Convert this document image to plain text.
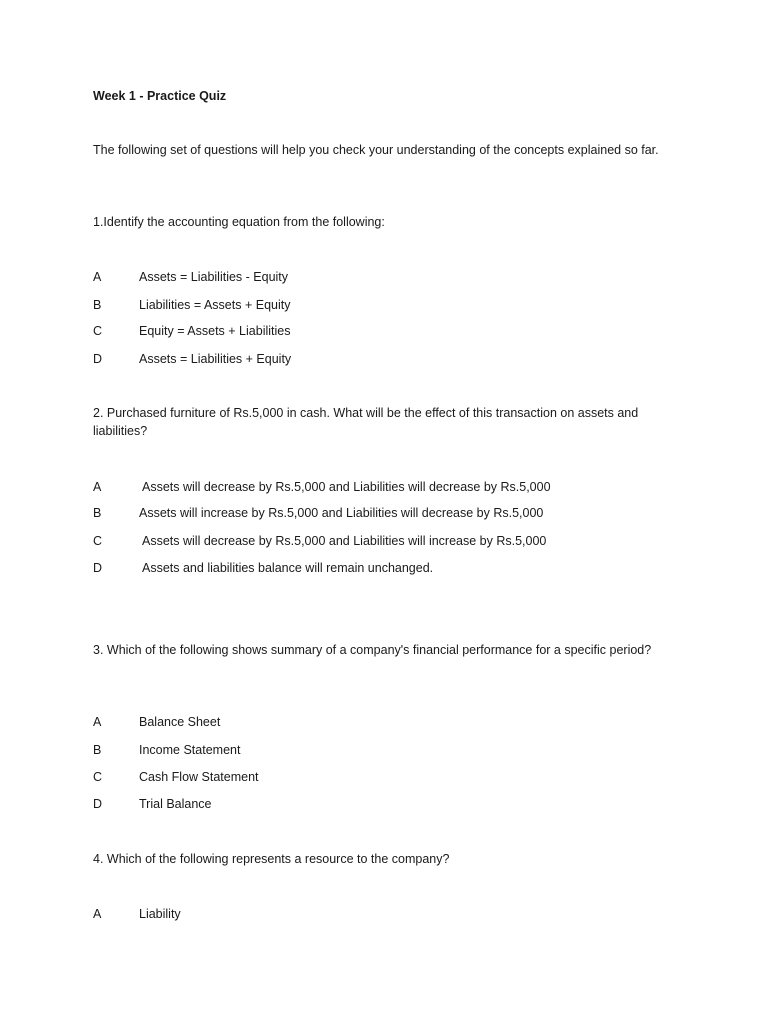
Week 1 - Practice Quiz

The following set of questions will help you check your understanding of the concepts explained so far.

1.Identify the accounting equation from the following:

A	Assets = Liabilities - Equity

B	Liabilities = Assets + Equity

C	Equity = Assets + Liabilities

D	Assets = Liabilities + Equity

2. Purchased furniture of Rs.5,000 in cash. What will be the effect of this transaction on assets and liabilities?

A	Assets will decrease by Rs.5,000 and Liabilities will decrease by Rs.5,000

B	Assets will increase by Rs.5,000 and Liabilities will decrease by Rs.5,000

C	Assets will decrease by Rs.5,000 and Liabilities will increase by Rs.5,000

D	Assets and liabilities balance will remain unchanged.

3. Which of the following shows summary of a company's financial performance for a specific period?

A	Balance Sheet

B	Income Statement

C	Cash Flow Statement

D	Trial Balance

4. Which of the following represents a resource to the company?

A	Liability
